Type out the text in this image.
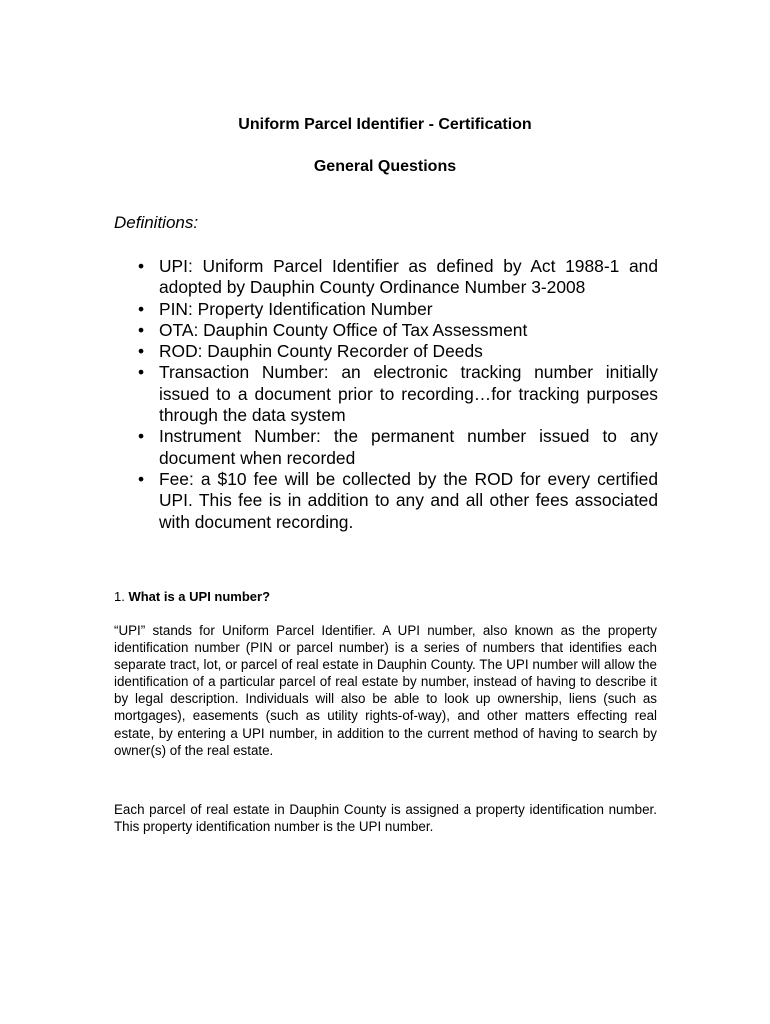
Uniform Parcel Identifier - Certification
General Questions

Definitions:

• UPI: Uniform Parcel Identifier as defined by Act 1988-1 and adopted by Dauphin County Ordinance Number 3-2008
• PIN: Property Identification Number
• OTA: Dauphin County Office of Tax Assessment
• ROD: Dauphin County Recorder of Deeds
• Transaction Number: an electronic tracking number initially issued to a document prior to recording…for tracking purposes through the data system
• Instrument Number: the permanent number issued to any document when recorded
• Fee: a $10 fee will be collected by the ROD for every certified UPI. This fee is in addition to any and all other fees associated with document recording.

1. What is a UPI number?

“UPI” stands for Uniform Parcel Identifier. A UPI number, also known as the property identification number (PIN or parcel number) is a series of numbers that identifies each separate tract, lot, or parcel of real estate in Dauphin County. The UPI number will allow the identification of a particular parcel of real estate by number, instead of having to describe it by legal description. Individuals will also be able to look up ownership, liens (such as mortgages), easements (such as utility rights-of-way), and other matters effecting real estate, by entering a UPI number, in addition to the current method of having to search by owner(s) of the real estate.

Each parcel of real estate in Dauphin County is assigned a property identification number. This property identification number is the UPI number.
